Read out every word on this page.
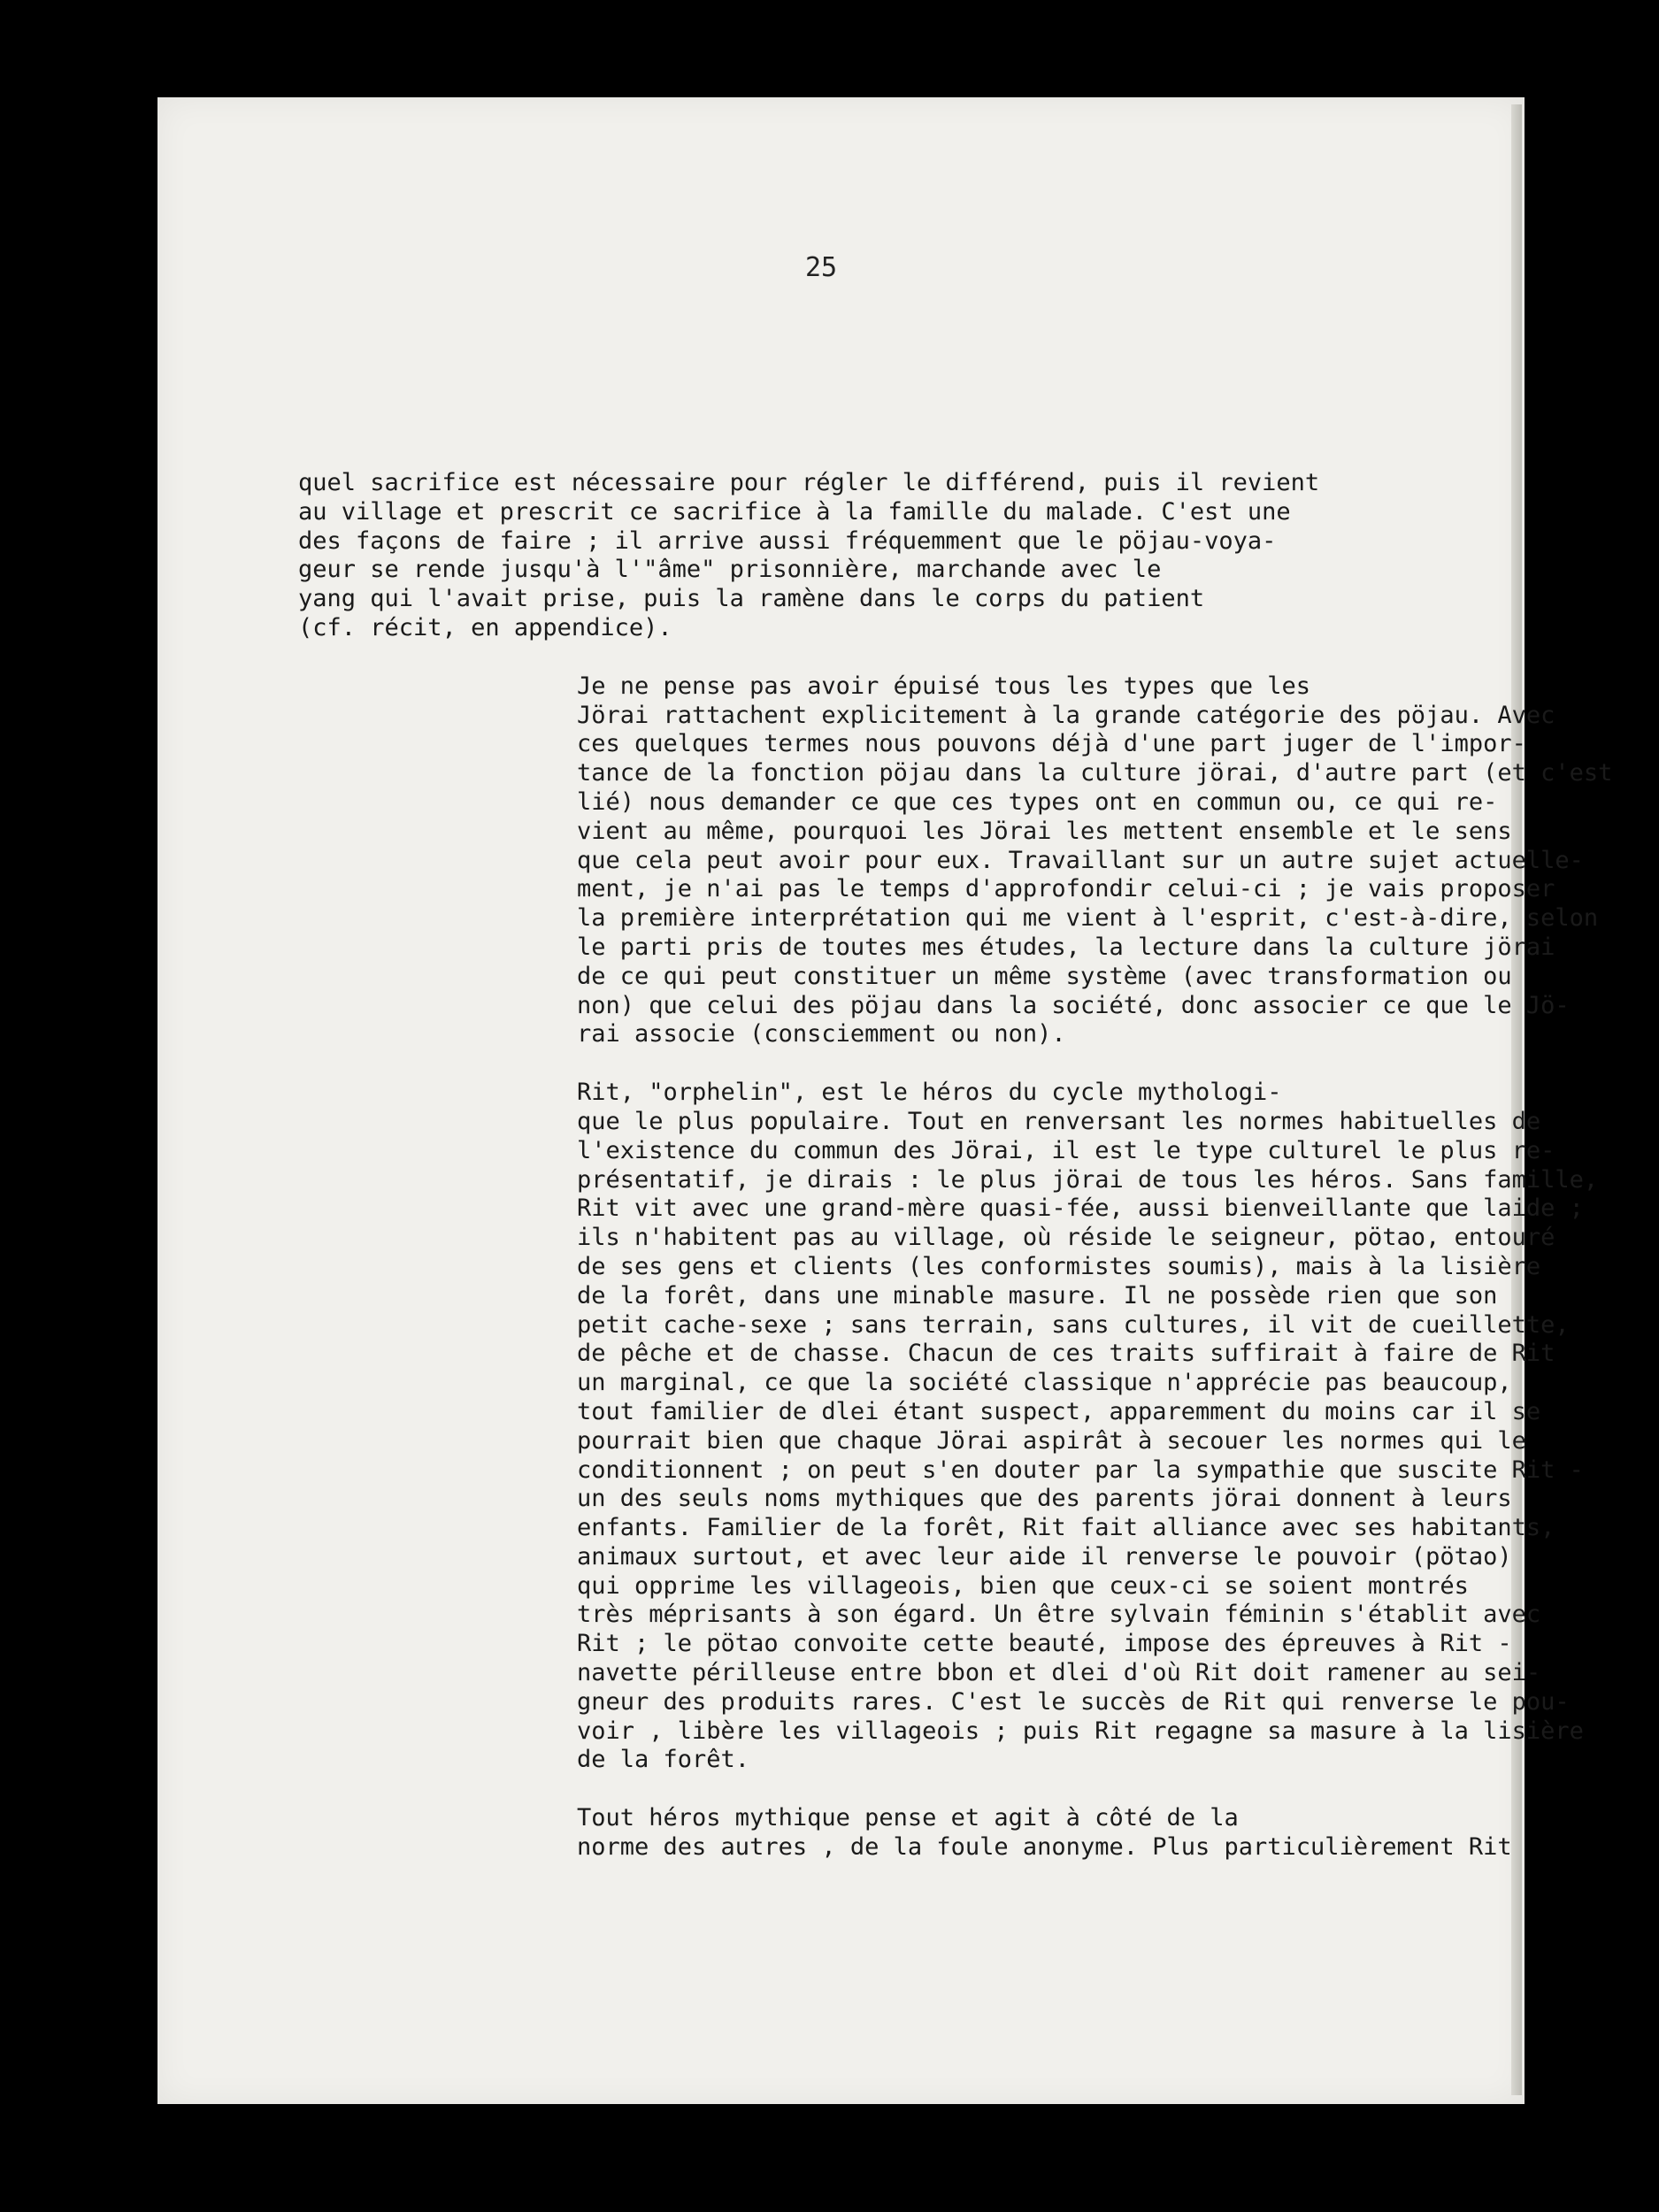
25
quel sacrifice est nécessaire pour régler le différend, puis il revient
au village et prescrit ce sacrifice à la famille du malade. C'est une
des façons de faire ; il arrive aussi fréquemment que le pöjau-voya-
geur se rende jusqu'à l'"âme" prisonnière, marchande avec le
yang qui l'avait prise, puis la ramène dans le corps du patient
(cf. récit, en appendice).
Je ne pense pas avoir épuisé tous les types que les
Jörai rattachent explicitement à la grande catégorie des pöjau. Avec
ces quelques termes nous pouvons déjà d'une part juger de l'impor-
tance de la fonction pöjau dans la culture jörai, d'autre part (et c'est
lié) nous demander ce que ces types ont en commun ou, ce qui re-
vient au même, pourquoi les Jörai les mettent ensemble et le sens
que cela peut avoir pour eux. Travaillant sur un autre sujet actuelle-
ment, je n'ai pas le temps d'approfondir celui-ci ; je vais proposer
la première interprétation qui me vient à l'esprit, c'est-à-dire, selon
le parti pris de toutes mes études, la lecture dans la culture jörai
de ce qui peut constituer un même système (avec transformation ou
non) que celui des pöjau dans la société, donc associer ce que le Jö-
rai associe (consciemment ou non).
Rit, "orphelin", est le héros du cycle mythologi-
que le plus populaire. Tout en renversant les normes habituelles de
l'existence du commun des Jörai, il est le type culturel le plus re-
présentatif, je dirais : le plus jörai de tous les héros. Sans famille,
Rit vit avec une grand-mère quasi-fée, aussi bienveillante que laide ;
ils n'habitent pas au village, où réside le seigneur, pötao, entouré
de ses gens et clients (les conformistes soumis), mais à la lisière
de la forêt, dans une minable masure. Il ne possède rien que son
petit cache-sexe ; sans terrain, sans cultures, il vit de cueillette,
de pêche et de chasse. Chacun de ces traits suffirait à faire de Rit
un marginal, ce que la société classique n'apprécie pas beaucoup,
tout familier de dlei étant suspect, apparemment du moins car il se
pourrait bien que chaque Jörai aspirât à secouer les normes qui le
conditionnent ; on peut s'en douter par la sympathie que suscite Rit -
un des seuls noms mythiques que des parents jörai donnent à leurs
enfants. Familier de la forêt, Rit fait alliance avec ses habitants,
animaux surtout, et avec leur aide il renverse le pouvoir (pötao)
qui opprime les villageois, bien que ceux-ci se soient montrés
très méprisants à son égard. Un être sylvain féminin s'établit avec
Rit ; le pötao convoite cette beauté, impose des épreuves à Rit -
navette périlleuse entre bbon et dlei d'où Rit doit ramener au sei-
gneur des produits rares. C'est le succès de Rit qui renverse le pou-
voir , libère les villageois ; puis Rit regagne sa masure à la lisière
de la forêt.
Tout héros mythique pense et agit à côté de la
norme des autres , de la foule anonyme. Plus particulièrement Rit
